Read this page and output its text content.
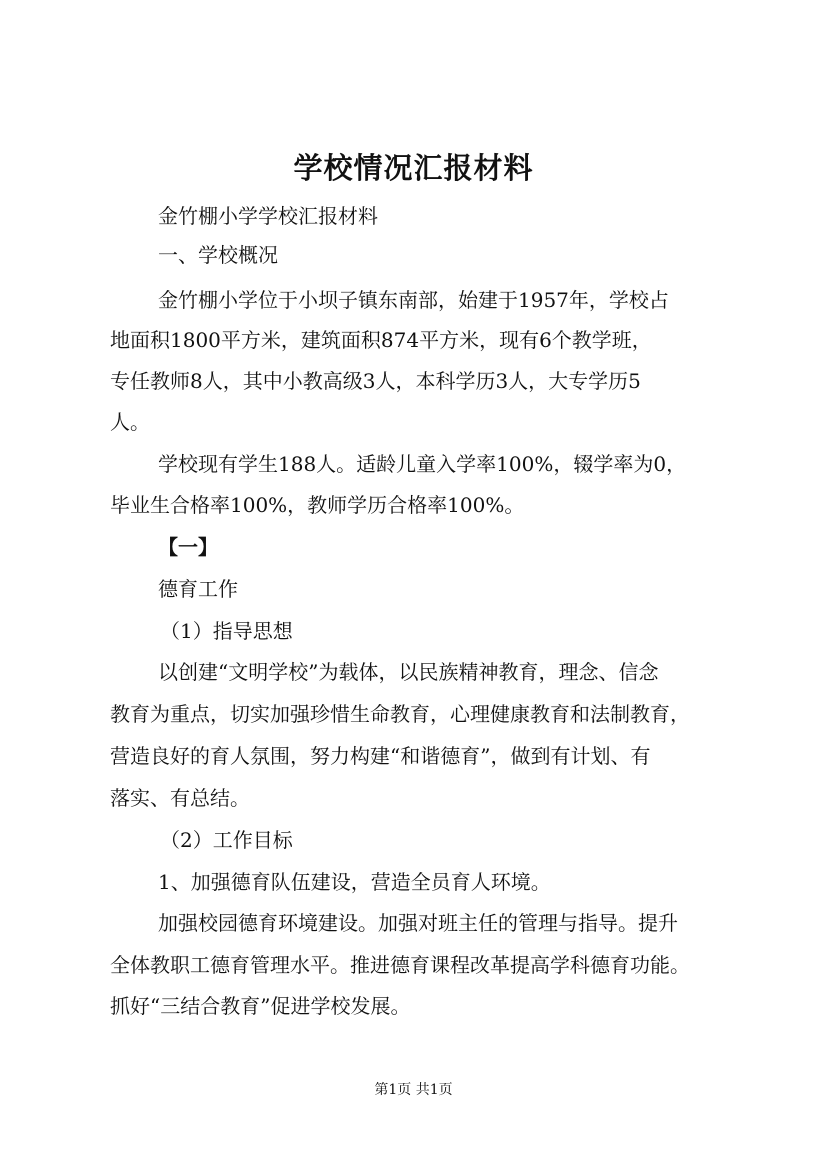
学校情况汇报材料
金竹棚小学学校汇报材料
一、学校概况
金竹棚小学位于小坝子镇东南部，始建于1957年，学校占
地面积1800平方米，建筑面积874平方米，现有6个教学班，
专任教师8人，其中小教高级3人，本科学历3人，大专学历5
人。
学校现有学生188人。适龄儿童入学率100%，辍学率为0，
毕业生合格率100%，教师学历合格率100%。
【一】
德育工作
（1）指导思想
以创建“文明学校”为载体，以民族精神教育，理念、信念
教育为重点，切实加强珍惜生命教育，心理健康教育和法制教育，
营造良好的育人氛围，努力构建“和谐德育”，做到有计划、有
落实、有总结。
（2）工作目标
1、加强德育队伍建设，营造全员育人环境。
加强校园德育环境建设。加强对班主任的管理与指导。提升
全体教职工德育管理水平。推进德育课程改革提高学科德育功能。
抓好“三结合教育”促进学校发展。
第1页 共1页
